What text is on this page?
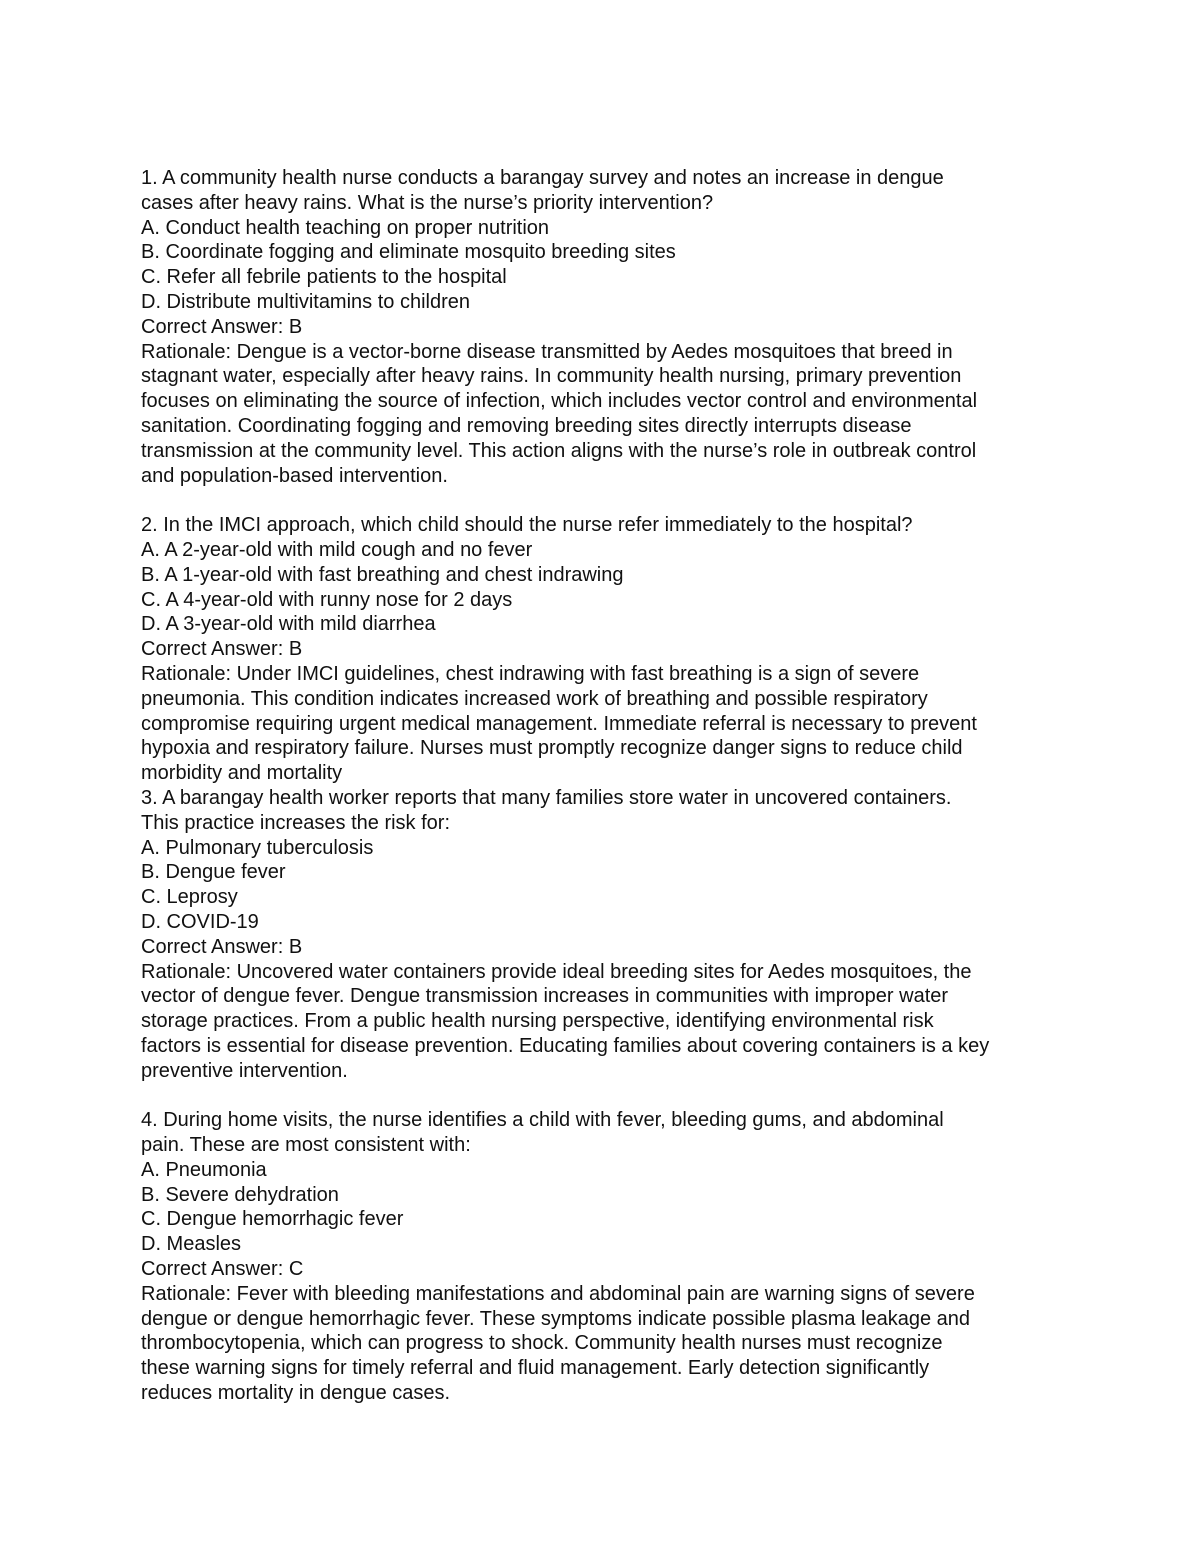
1. A community health nurse conducts a barangay survey and notes an increase in dengue
cases after heavy rains. What is the nurse’s priority intervention?
A. Conduct health teaching on proper nutrition
B. Coordinate fogging and eliminate mosquito breeding sites
C. Refer all febrile patients to the hospital
D. Distribute multivitamins to children
Correct Answer: B
Rationale: Dengue is a vector-borne disease transmitted by Aedes mosquitoes that breed in
stagnant water, especially after heavy rains. In community health nursing, primary prevention
focuses on eliminating the source of infection, which includes vector control and environmental
sanitation. Coordinating fogging and removing breeding sites directly interrupts disease
transmission at the community level. This action aligns with the nurse’s role in outbreak control
and population-based intervention.
2. In the IMCI approach, which child should the nurse refer immediately to the hospital?
A. A 2-year-old with mild cough and no fever
B. A 1-year-old with fast breathing and chest indrawing
C. A 4-year-old with runny nose for 2 days
D. A 3-year-old with mild diarrhea
Correct Answer: B
Rationale: Under IMCI guidelines, chest indrawing with fast breathing is a sign of severe
pneumonia. This condition indicates increased work of breathing and possible respiratory
compromise requiring urgent medical management. Immediate referral is necessary to prevent
hypoxia and respiratory failure. Nurses must promptly recognize danger signs to reduce child
morbidity and mortality
3. A barangay health worker reports that many families store water in uncovered containers.
This practice increases the risk for:
A. Pulmonary tuberculosis
B. Dengue fever
C. Leprosy
D. COVID-19
Correct Answer: B
Rationale: Uncovered water containers provide ideal breeding sites for Aedes mosquitoes, the
vector of dengue fever. Dengue transmission increases in communities with improper water
storage practices. From a public health nursing perspective, identifying environmental risk
factors is essential for disease prevention. Educating families about covering containers is a key
preventive intervention.
4. During home visits, the nurse identifies a child with fever, bleeding gums, and abdominal
pain. These are most consistent with:
A. Pneumonia
B. Severe dehydration
C. Dengue hemorrhagic fever
D. Measles
Correct Answer: C
Rationale: Fever with bleeding manifestations and abdominal pain are warning signs of severe
dengue or dengue hemorrhagic fever. These symptoms indicate possible plasma leakage and
thrombocytopenia, which can progress to shock. Community health nurses must recognize
these warning signs for timely referral and fluid management. Early detection significantly
reduces mortality in dengue cases.
